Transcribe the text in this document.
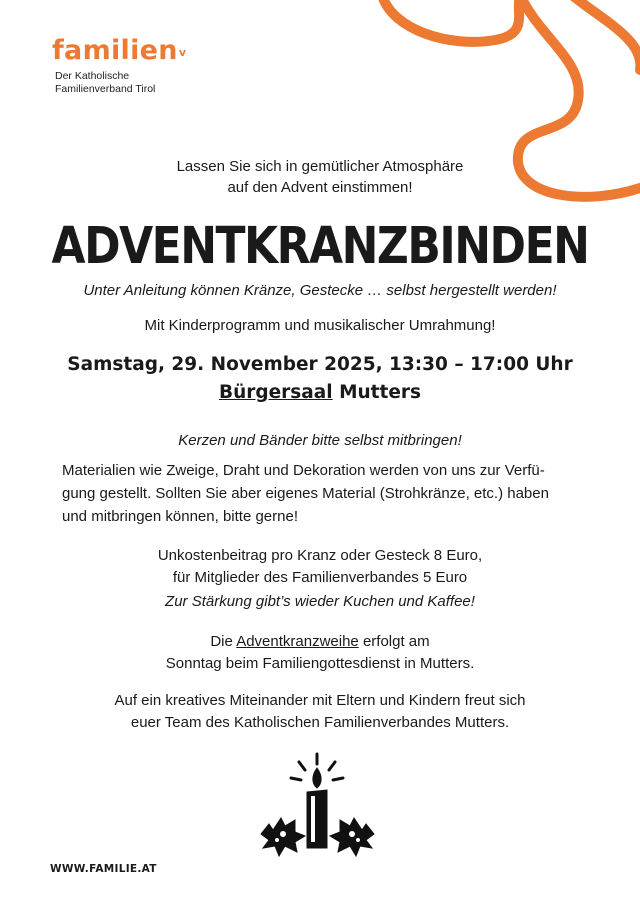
familien$^v$
Der Katholische
Familienverband Tirol
Lassen Sie sich in gemütlicher Atmosphäre
auf den Advent einstimmen!
ADVENTKRANZBINDEN
Unter Anleitung können Kränze, Gestecke … selbst hergestellt werden!
Mit Kinderprogramm und musikalischer Umrahmung!
Samstag, 29. November 2025, 13:30 – 17:00 Uhr
Bürgersaal Mutters
Kerzen und Bänder bitte selbst mitbringen!
Materialien wie Zweige, Draht und Dekoration werden von uns zur Verfü-
gung gestellt. Sollten Sie aber eigenes Material (Strohkränze, etc.) haben
und mitbringen können, bitte gerne!
Unkostenbeitrag pro Kranz oder Gesteck 8 Euro,
für Mitglieder des Familienverbandes 5 Euro
Zur Stärkung gibt’s wieder Kuchen und Kaffee!
Die Adventkranzweihe erfolgt am
Sonntag beim Familiengottesdienst in Mutters.
Auf ein kreatives Miteinander mit Eltern und Kindern freut sich
euer Team des Katholischen Familienverbandes Mutters.
WWW.FAMILIE.AT
